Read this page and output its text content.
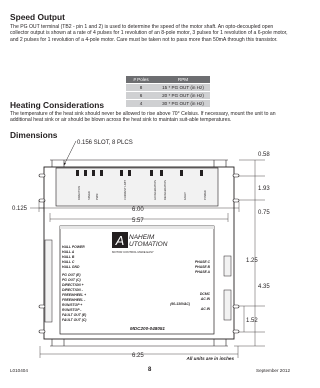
Speed Output

The PG OUT terminal (TB2 - pin 1 and 2) is used to determine the speed of the motor shaft. An opto-decoupled open collector output is shown at a rate of 4 pulses for 1 revolution of an 8-pole motor, 3 pulses for 1 revolution of a 6-pole motor, and 2 pulses for 1 revolution of a 4-pole motor. Care must be taken not to pass more than 50mA through this transistor.

# Poles	RPM
8	15 * PG OUT (in Hz)
6	20 * PG OUT (in Hz)
4	30 * PG OUT (in Hz)
Heating Considerations

The temperature of the heat sink should never be allowed to rise above 70° Celsius. If necessary, mount the unit to an additional heat sink or air should be blown across the heat sink to maintain suit-able temperatures.

Dimensions
DIRECTION	SPEED	PWM	CURRENT LIMIT	ACCELERATION	DECELERATION	FAULT	POWER
A NAHEIM
UTOMATION
MOTOR CONTROL MADE EASY
HALL POWER
HALL A
HALL B
HALL C
HALL GND
PG OUT (E)
PG OUT (C)
DIRECTION +
DIRECTION -
FREEWHEEL +
FREEWHEEL -
RUN/STOP +
RUN/STOP -
FAULT OUT (E)
FAULT OUT (C)
PHASE C
PHASE B
PHASE A
DCMC
AC IN
(60-130VAC)
AC IN
MDC200-048051
0.156 SLOT, 8 PLCS
0.58
1.93
0.75
1.25
4.35
1.52
0.125	6.00
5.57
6.25	All units are in inches
L010404	8	September 2012
